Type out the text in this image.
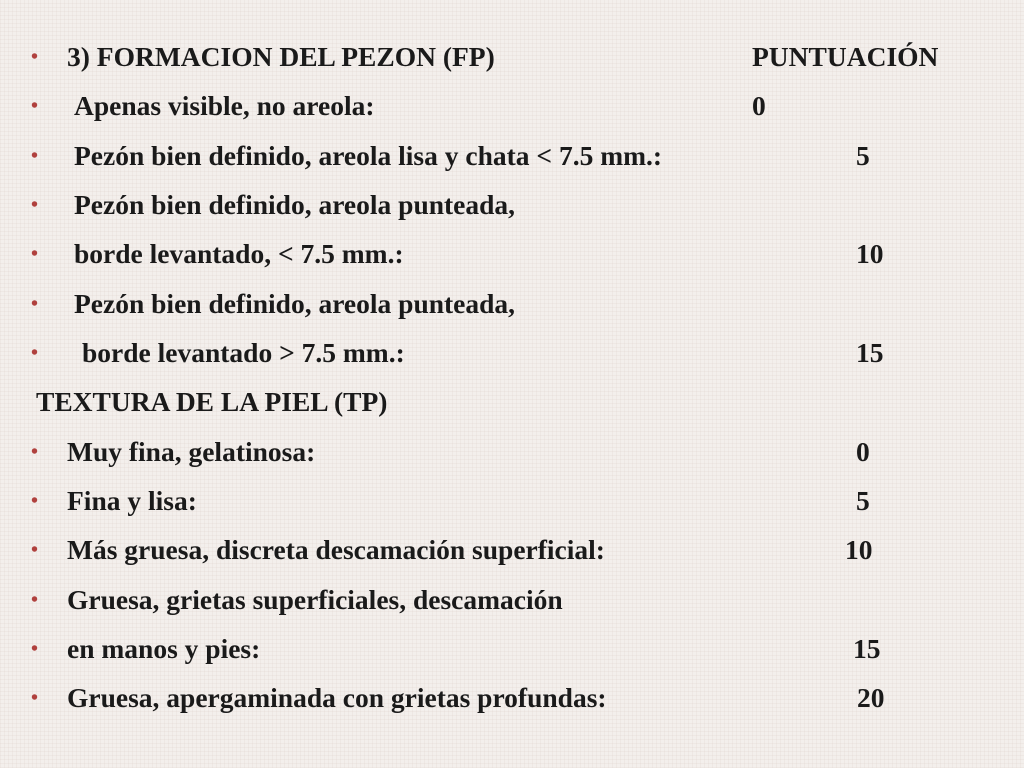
• 3) FORMACION DEL PEZON (FP)	PUNTUACIÓN
• Apenas visible, no areola:	0
• Pezón bien definido, areola lisa y chata < 7.5 mm.:	5
• Pezón bien definido, areola punteada,
• borde levantado, < 7.5 mm.:	10
• Pezón bien definido, areola punteada,
• borde levantado > 7.5 mm.:	15
TEXTURA DE LA PIEL (TP)
• Muy fina, gelatinosa:	0
• Fina y lisa:	5
• Más gruesa, discreta descamación superficial:	10
• Gruesa, grietas superficiales, descamación
• en manos y pies:	15
• Gruesa, apergaminada con grietas profundas:	20
